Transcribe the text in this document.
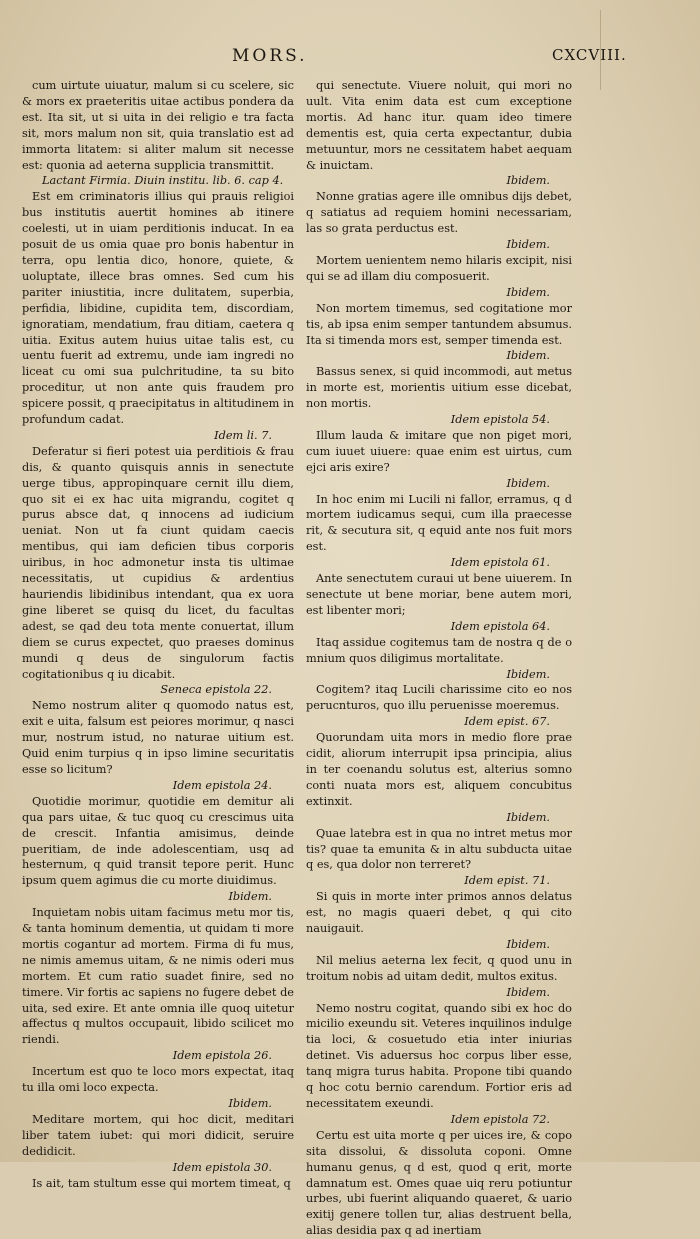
MORS.	CXCVIII.

cum uirtute uiuatur, malum si cu scelere, sic & mors ex praeteritis uitae actibus pondera da est. Ita sit, ut si uita in dei religio e tra facta sit, mors malum non sit, quia translatio est ad immorta litatem: si aliter malum sit necesse est: quonia ad aeterna supplicia transmittit.

Lactant Firmia. Diuin institu. lib. 6. cap 4.

Est em criminatoris illius qui prauis religioi bus institutis auertit homines ab itinere coelesti, ut in uiam perditionis inducat. In ea posuit de us omia quae pro bonis habentur in terra, opu lentia dico, honore, quiete, & uoluptate, illece bras omnes. Sed cum his pariter iniustitia, incre dulitatem, superbia, perfidia, libidine, cupidita tem, discordiam, ignoratiam, mendatium, frau ditiam, caetera q uitia. Exitus autem huius uitae talis est, cu uentu fuerit ad extremu, unde iam ingredi no liceat cu omi sua pulchritudine, ta su bito proceditur, ut non ante quis fraudem pro spicere possit, q praecipitatus in altitudinem in profundum cadat.

Idem li. 7.

Deferatur si fieri potest uia perditiois & frau dis, & quanto quisquis annis in senectute uerge tibus, appropinquare cernit illu diem, quo sit ei ex hac uita migrandu, cogitet q purus absce dat, q innocens ad iudicium ueniat. Non ut fa ciunt quidam caecis mentibus, qui iam deficien tibus corporis uiribus, in hoc admonetur insta tis ultimae necessitatis, ut cupidius & ardentius hauriendis libidinibus intendant, qua ex uora gine liberet se quisq du licet, du facultas adest, se qad deu tota mente conuertat, illum diem se curus expectet, quo praeses dominus mundi q deus de singulorum factis cogitationibus q iu dicabit.

Seneca epistola 22.

Nemo nostrum aliter q quomodo natus est, exit e uita, falsum est peiores morimur, q nasci mur, nostrum istud, no naturae uitium est. Quid enim turpius q in ipso limine securitatis esse so licitum?

Idem epistola 24.

Quotidie morimur, quotidie em demitur ali qua pars uitae, & tuc quoq cu crescimus uita de crescit. Infantia amisimus, deinde pueritiam, de inde adolescentiam, usq ad hesternum, q quid transit tepore perit. Hunc ipsum quem agimus die cu morte diuidimus.

Ibidem.

Inquietam nobis uitam facimus metu mor tis, & tanta hominum dementia, ut quidam ti more mortis cogantur ad mortem. Firma di fu mus, ne nimis amemus uitam, & ne nimis oderi mus mortem. Et cum ratio suadet finire, sed no timere. Vir fortis ac sapiens no fugere debet de uita, sed exire. Et ante omnia ille quoq uitetur affectus q multos occupauit, libido scilicet mo riendi.

Idem epistola 26.

Incertum est quo te loco mors expectat, itaq tu illa omi loco expecta.

Ibidem.

Meditare mortem, qui hoc dicit, meditari liber tatem iubet: qui mori didicit, seruire dedidicit.

Idem epistola 30.

Is ait, tam stultum esse qui mortem timeat, q

qui senectute. Viuere noluit, qui mori no uult. Vita enim data est cum exceptione mortis. Ad hanc itur. quam ideo timere dementis est, quia certa expectantur, dubia metuuntur, mors ne cessitatem habet aequam & inuictam.

Ibidem.

Nonne gratias agere ille omnibus dijs debet, q satiatus ad requiem homini necessariam, las so grata perductus est.

Ibidem.

Mortem uenientem nemo hilaris excipit, nisi qui se ad illam diu composuerit.

Ibidem.

Non mortem timemus, sed cogitatione mor tis, ab ipsa enim semper tantundem absumus. Ita si timenda mors est, semper timenda est.

Ibidem.

Bassus senex, si quid incommodi, aut metus in morte est, morientis uitium esse dicebat, non mortis.

Idem epistola 54.

Illum lauda & imitare que non piget mori, cum iuuet uiuere: quae enim est uirtus, cum ejci aris exire?

Ibidem.

In hoc enim mi Lucili ni fallor, erramus, q d mortem iudicamus sequi, cum illa praecesse rit, & secutura sit, q equid ante nos fuit mors est.

Idem epistola 61.

Ante senectutem curaui ut bene uiuerem. In senectute ut bene moriar, bene autem mori, est libenter mori;

Idem epistola 64.

Itaq assidue cogitemus tam de nostra q de o mnium quos diligimus mortalitate.

Ibidem.

Cogitem? itaq Lucili charissime cito eo nos perucnturos, quo illu peruenisse moeremus.

Idem epist. 67.

Quorundam uita mors in medio flore prae cidit, aliorum interrupit ipsa principia, alius in ter coenandu solutus est, alterius somno conti nuata mors est, aliquem concubitus extinxit.

Ibidem.

Quae latebra est in qua no intret metus mor tis? quae ta emunita & in altu subducta uitae q es, qua dolor non terreret?

Idem epist. 71.

Si quis in morte inter primos annos delatus est, no magis quaeri debet, q qui cito nauigauit.

Ibidem.

Nil melius aeterna lex fecit, q quod unu in troitum nobis ad uitam dedit, multos exitus.

Ibidem.

Nemo nostru cogitat, quando sibi ex hoc do micilio exeundu sit. Veteres inquilinos indulge tia loci, & cosuetudo etia inter iniurias detinet. Vis aduersus hoc corpus liber esse, tanq migra turus habita. Propone tibi quando q hoc cotu bernio carendum. Fortior eris ad necessitatem exeundi.

Idem epistola 72.

Certu est uita morte q per uices ire, & copo sita dissolui, & dissoluta coponi. Omne humanu genus, q d est, quod q erit, morte damnatum est. Omes quae uiq reru potiuntur urbes, ubi fuerint aliquando quaeret, & uario exitij genere tollen tur, alias destruent bella, alias desidia pax q ad inertiam
